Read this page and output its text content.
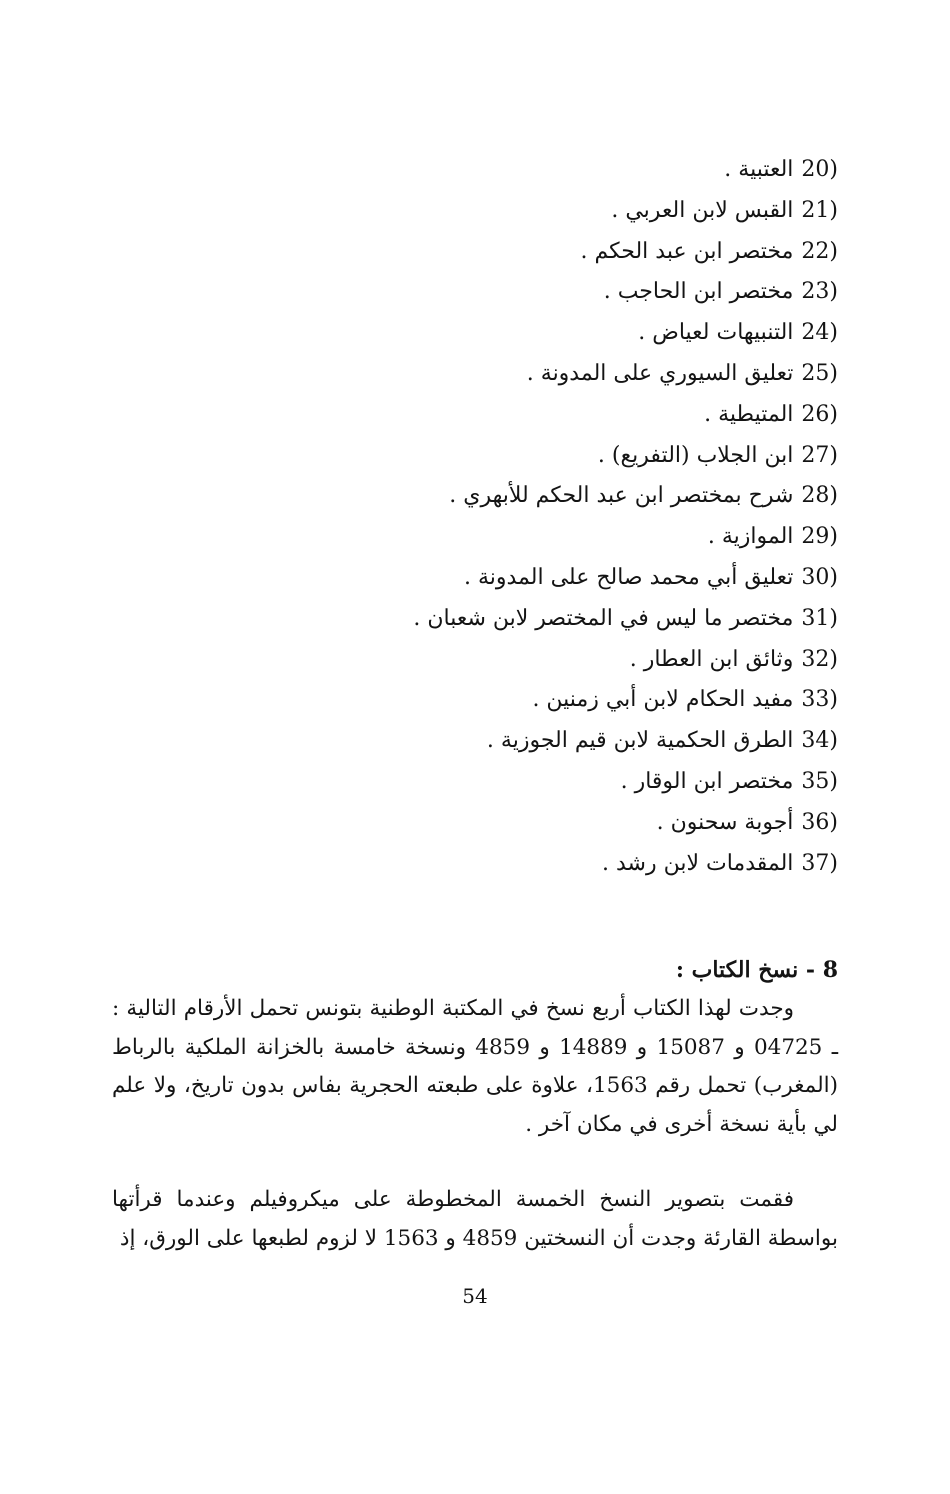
20)العتبية .
21)القبس لابن العربي .
22)مختصر ابن عبد الحكم .
23)مختصر ابن الحاجب .
24)التنبيهات لعياض .
25)تعليق السيوري على المدونة .
26)المتيطية .
27)ابن الجلاب (التفريع) .
28)شرح بمختصر ابن عبد الحكم للأبهري .
29)الموازية .
30)تعليق أبي محمد صالح على المدونة .
31)مختصر ما ليس في المختصر لابن شعبان .
32)وثائق ابن العطار .
33)مفيد الحكام لابن أبي زمنين .
34)الطرق الحكمية لابن قيم الجوزية .
35)مختصر ابن الوقار .
36)أجوبة سحنون .
37)المقدمات لابن رشد .
8 - نسخ الكتاب :

وجدت لهذا الكتاب أربع نسخ في المكتبة الوطنية بتونس تحمل الأرقام التالية : ـ 04725 و 15087 و 14889 و 4859 ونسخة خامسة بالخزانة الملكية بالرباط (المغرب) تحمل رقم 1563، علاوة على طبعته الحجرية بفاس بدون تاريخ، ولا علم لي بأية نسخة أخرى في مكان آخر .

فقمت بتصوير النسخ الخمسة المخطوطة على ميكروفيلم وعندما قرأتها بواسطة القارئة وجدت أن النسختين 4859 و 1563 لا لزوم لطبعها على الورق، إذ

54
